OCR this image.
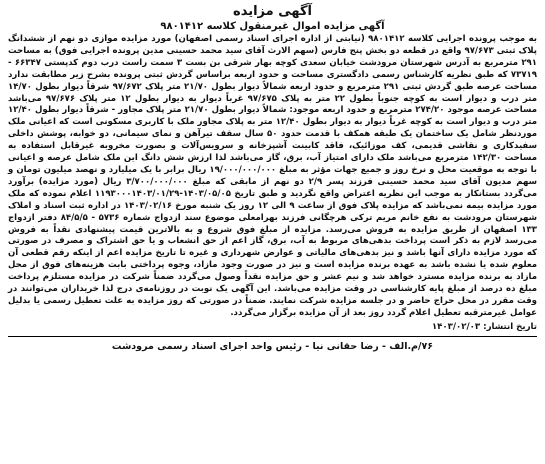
آگهی مزایده
آگهی مزایده اموال غیرمنقول کلاسه ۹۸۰۱۴۱۲

به موجب پرونده اجرایی کلاسه ۹۸۰۱۴۱۲ (نیابتی از اداره اجرای اسناد رسمی اصفهان) مورد مزایده موازی دو نهم از ششدانگ پلاک ثبتی ۹۷/۶۷۳ واقع در قطعه دو بخش پنج فارس (سهم الارث آقای سید محمد حسینی مدین پرونده اجرایی فوق) به مساحت ۲۹۱ مترمربع به آدرس شهرستان مرودشت خیابان سعدی کوچه بهار شرقی بن بست ۳ سمت راست درب دوم کدپستی ۶۶۳۴۷ - ۷۳۷۱۹ که طبق نظریه کارشناس رسمی دادگستری مساحت و حدود اربعه براساس گردش ثبتی پرونده بشرح زیر مطابقت ندارد مساحت عرصه طبق گردش ثبتی ۲۹۱ مترمربع و حدود اربعه شمالاً دیوار بطول ۲۱/۷۰ متر پلاک ۹۷/۶۷۲ شرقاً دیوار بطول ۱۴/۷۰ متر درب و دیوار است به کوچه جنوباً بطول ۲۲ متر به پلاک ۹۷/۶۷۵ غرباً دیوار به دیوار بطول ۱۲ متر پلاک ۹۷/۶۷۶ می‌باشد مساحت عرصه موجود ۲۷۴/۲۰ مترمربع و حدود اربعه موجود: شمالاً دیوار بطول ۲۱/۷۰ متر پلاک مجاور - شرقاً دیوار بطول ۱۲/۴۰ متر درب و دیوار است به کوچه غرباً دیوار به دیوار بطول ۱۲/۴۰ متر به پلاک مجاور ملک با کاربری مسکونی است که اعیانی ملک موردنظر شامل یک ساختمان یک طبقه همکف با قدمت حدود ۵۰ سال سقف تیرآهن و نمای سیمانی، دو خوابه، پوشش داخلی سفیدکاری و نقاشی قدیمی، کف موزائیک، فاقد کابینت آشپزخانه و سرویس‌آلات و بصورت مخروبه غیرقابل استفاده به مساحت ۱۴۲/۳۰ مترمربع می‌باشد ملک دارای امتیاز آب، برق، گاز می‌باشد لذا ارزش شش دانگ این ملک شامل عرصه و اعیانی با توجه به موقعیت محل و نرخ روز و جمیع جهات مؤثر به مبلغ ۱۹/۰۰۰/۰۰۰/۰۰۰ ریال برابر با یک میلیارد و نهصد میلیون تومان و سهم مدیون آقای سید محمد حسینی فرزند پسر ۲/۹ دو نهم از مابقی که مبلغ ۳/۷۰۰/۰۰۰/۰۰۰ ریال (مورد مزایده) برآورد می‌گردد بستانکار به موجب این نظریه اعتراض واقع نگردید و طبق تاریخ ۱۴۰۳/۰۵/۰۵-۱۱۹۳۰۰۰۱۴۰۳/۰۱/۲۹ اعلام نموده که ملک مورد مزایده بیمه نمی‌باشد که مزایده پلاک فوق از ساعت ۹ الی ۱۲ روز یک شنبه مورخ ۱۴۰۳/۰۲/۱۶ در اداره ثبت اسناد و املاک شهرستان مرودشت به نفع خانم مریم ترکی هرچگانی فرزند بهرامعلی موضوع سند ازدواج شماره ۵۷۳۶ - ۸۴/۵/۵ دفتر ازدواج ۱۳۳ اصفهان از طریق مزایده به فروش می‌رسد. مزایده از مبلغ فوق شروع و به بالاترین قیمت پیشنهادی نقداً به فروش می‌رسد لازم به ذکر است پرداخت بدهی‌های مربوط به آب، برق، گاز اعم از حق انشعاب و یا حق اشتراک و مصرف در صورتی که مورد مزایده دارای آنها باشد و نیز بدهی‌های مالیاتی و عوارض شهرداری و غیره تا تاریخ مزایده اعم از اینکه رقم قطعی آن معلوم شده یا نشده باشد به عهده برنده مزایده است و نیز در صورت وجود مازاد، وجوه پرداختی بابت هزینه‌های فوق از محل مازاد به برنده مزایده مسترد خواهد شد و نیم عشر و حق مزایده نقداً وصول می‌گردد ضمناً شرکت در مزایده مستلزم پرداخت مبلغ ده درصد از مبلغ پایه کارشناسی در وقت مزایده می‌باشد. این آگهی یک نوبت در روزنامه‌ی درج لذا خریداران می‌توانند در وقت مقرر در محل حراج حاضر و در جلسه مزایده شرکت نمایند. ضمناً در صورتی که روز مزایده به علت تعطیل رسمی یا بدلیل عوامل غیرمترقبه تعطیل اعلام گردد روز بعد از آن مزایده برگزار می‌گردد.

تاریخ انتشار: ۱۴۰۳/۰۲/۰۳
۷۶/م.الف - رضا حقانی نیا - رئیس واحد اجرای اسناد رسمی مرودشت
